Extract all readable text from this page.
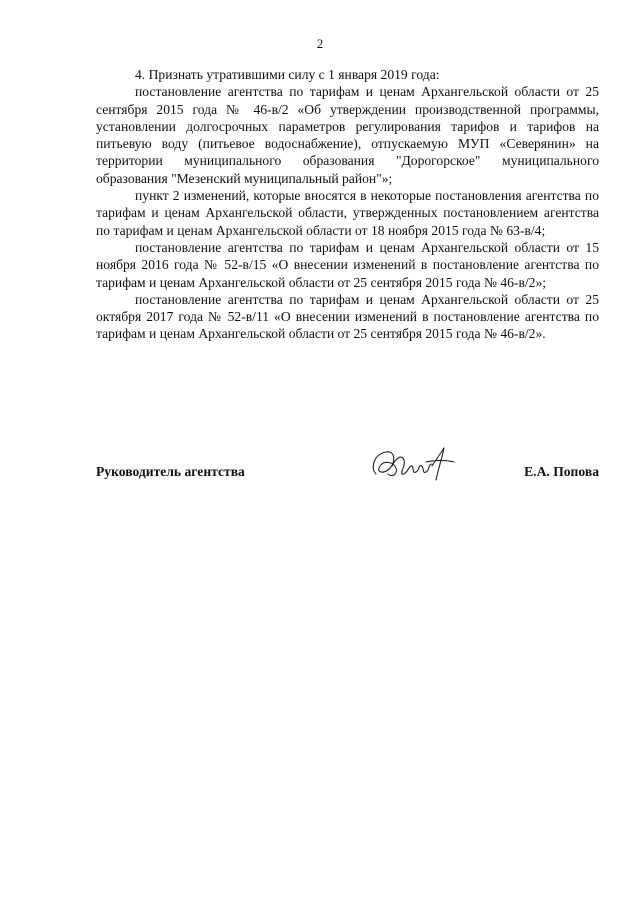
2

4. Признать утратившими силу с 1 января 2019 года:

постановление агентства по тарифам и ценам Архангельской области от 25 сентября 2015 года № 46-в/2 «Об утверждении производственной программы, установлении долгосрочных параметров регулирования тарифов и тарифов на питьевую воду (питьевое водоснабжение), отпускаемую МУП «Северянин» на территории муниципального образования "Дорогорское" муниципального образования "Мезенский муниципальный район"»;

пункт 2 изменений, которые вносятся в некоторые постановления агентства по тарифам и ценам Архангельской области, утвержденных постановлением агентства по тарифам и ценам Архангельской области от 18 ноября 2015 года № 63-в/4;

постановление агентства по тарифам и ценам Архангельской области от 15 ноября 2016 года № 52-в/15 «О внесении изменений в постановление агентства по тарифам и ценам Архангельской области от 25 сентября 2015 года № 46-в/2»;

постановление агентства по тарифам и ценам Архангельской области от 25 октября 2017 года № 52-в/11 «О внесении изменений в постановление агентства по тарифам и ценам Архангельской области от 25 сентября 2015 года № 46-в/2».

Руководитель агентства	Е.А. Попова
